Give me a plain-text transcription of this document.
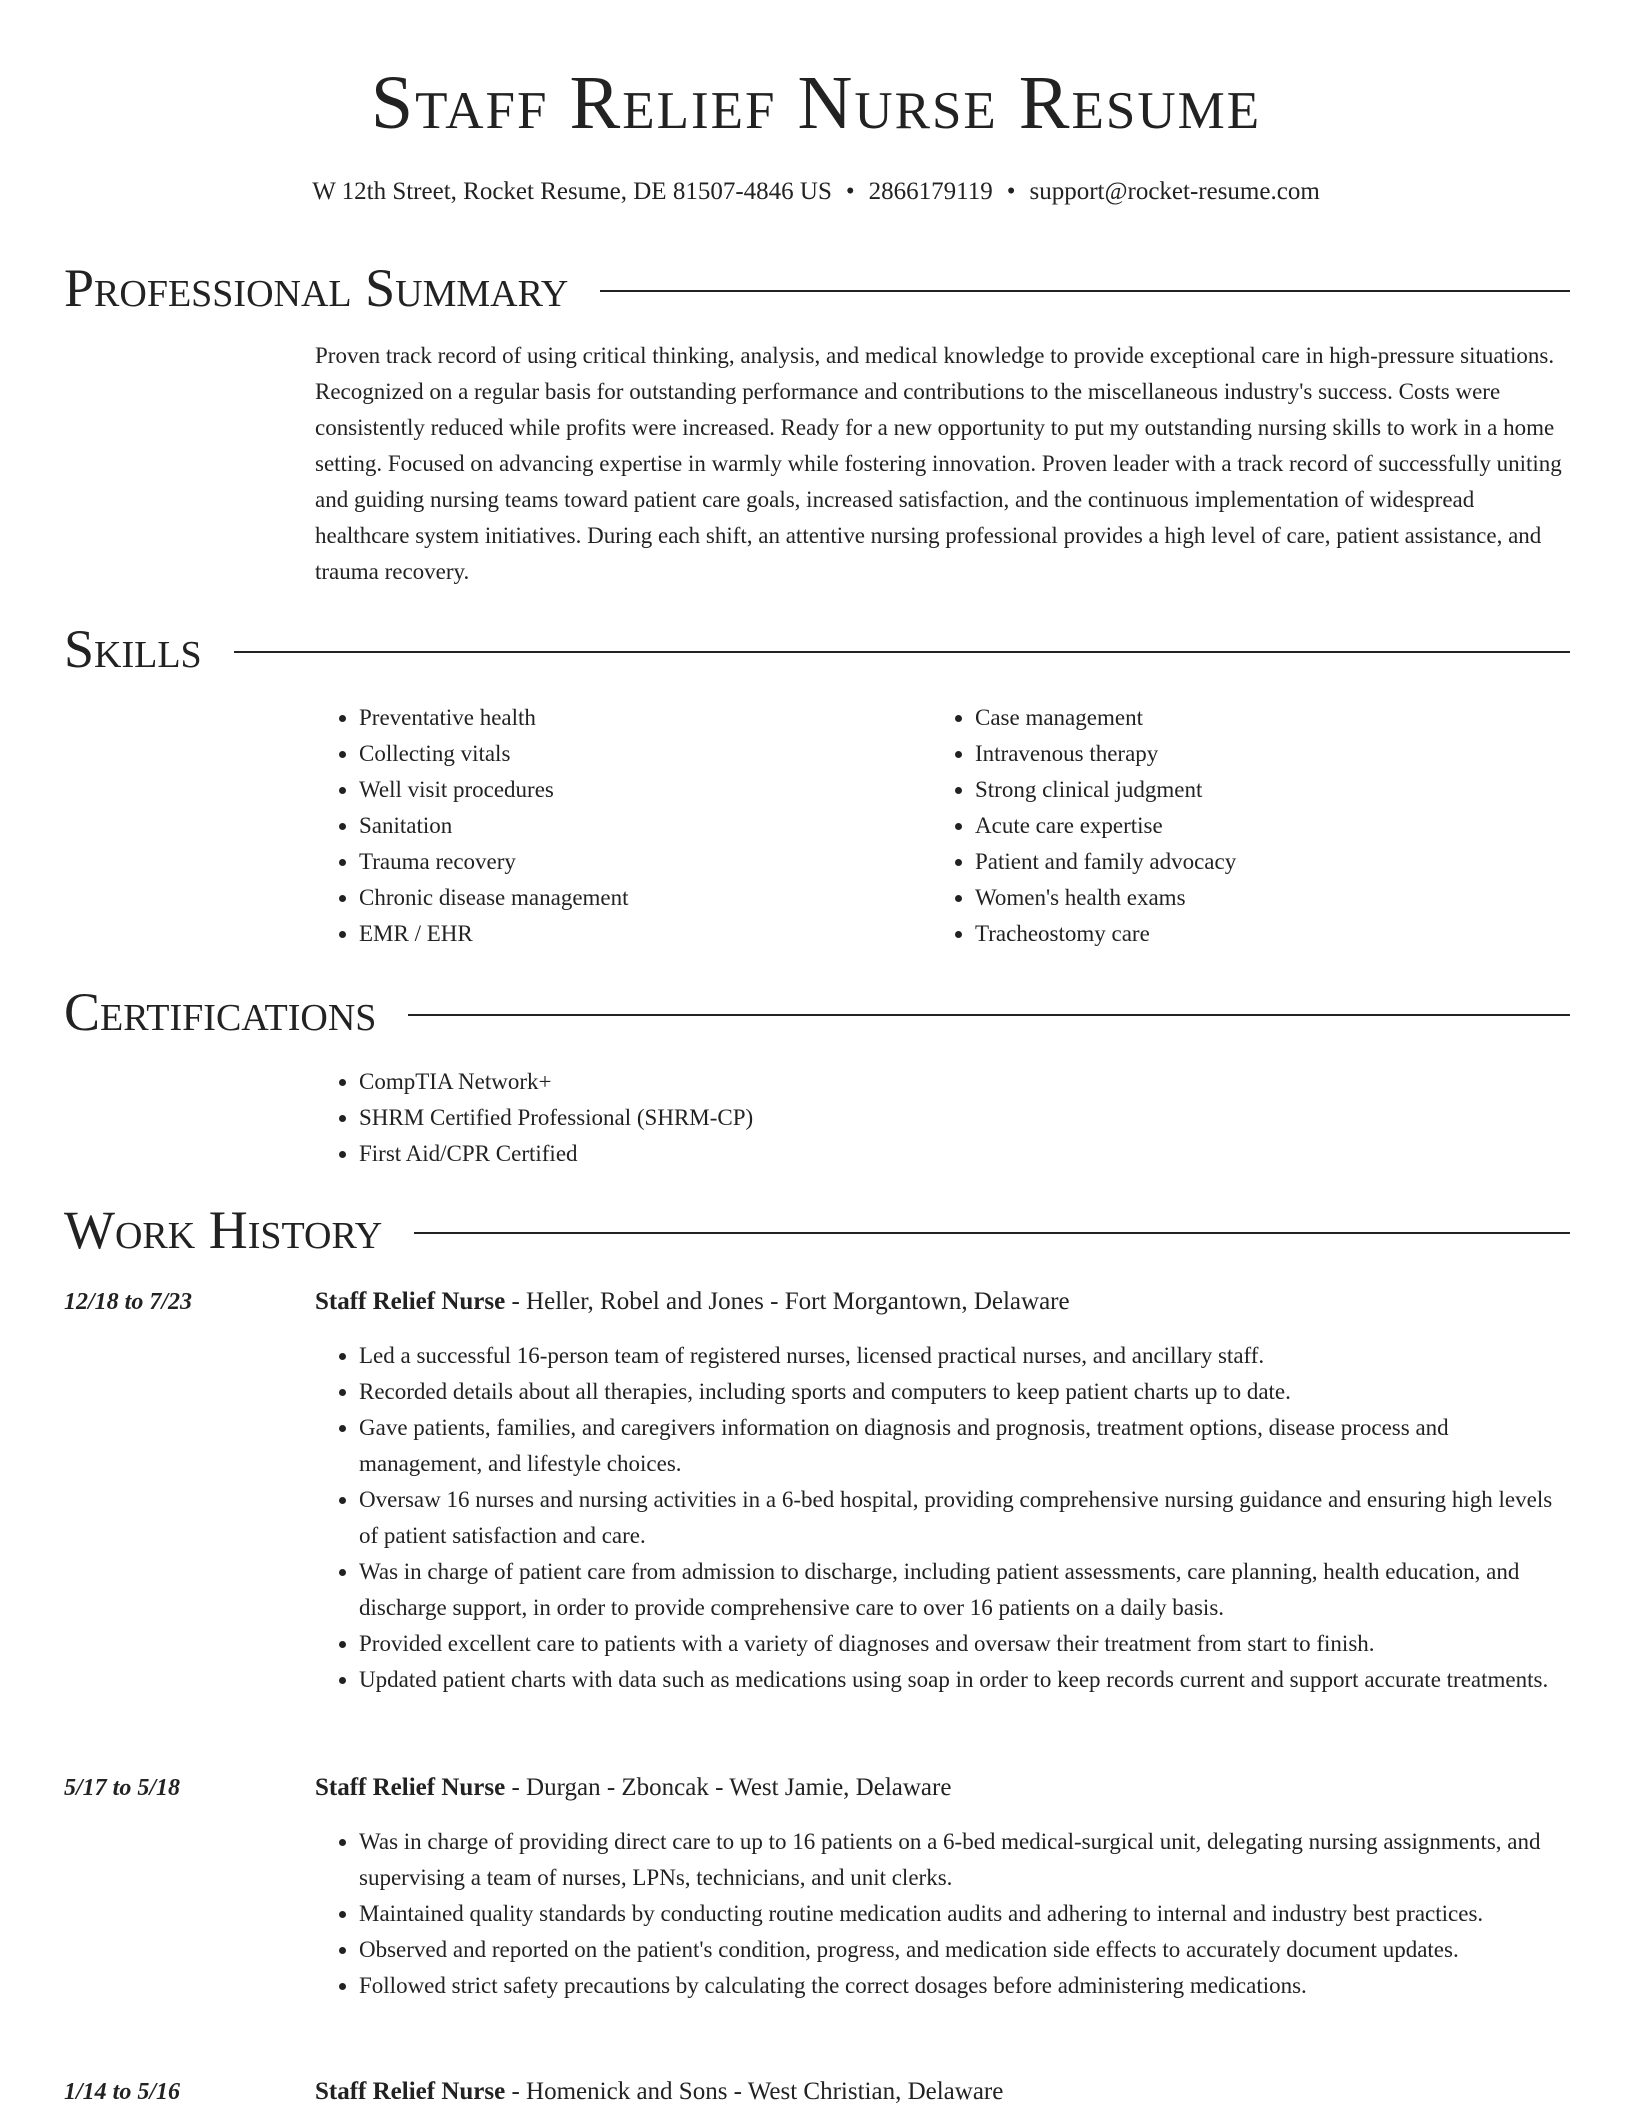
Staff Relief Nurse Resume
W 12th Street, Rocket Resume, DE 81507-4846 US • 2866179119 • support@rocket-resume.com
Professional Summary

Proven track record of using critical thinking, analysis, and medical knowledge to provide exceptional care in high-pressure situations. Recognized on a regular basis for outstanding performance and contributions to the miscellaneous industry's success. Costs were consistently reduced while profits were increased. Ready for a new opportunity to put my outstanding nursing skills to work in a home setting. Focused on advancing expertise in warmly while fostering innovation. Proven leader with a track record of successfully uniting and guiding nursing teams toward patient care goals, increased satisfaction, and the continuous implementation of widespread healthcare system initiatives. During each shift, an attentive nursing professional provides a high level of care, patient assistance, and trauma recovery.

Skills
• Preventative health
• Collecting vitals
• Well visit procedures
• Sanitation
• Trauma recovery
• Chronic disease management
• EMR / EHR
• Case management
• Intravenous therapy
• Strong clinical judgment
• Acute care expertise
• Patient and family advocacy
• Women's health exams
• Tracheostomy care
Certifications
• CompTIA Network+
• SHRM Certified Professional (SHRM-CP)
• First Aid/CPR Certified
Work History
12/18 to 7/23	Staff Relief Nurse - Heller, Robel and Jones - Fort Morgantown, Delaware
• Led a successful 16-person team of registered nurses, licensed practical nurses, and ancillary staff.
• Recorded details about all therapies, including sports and computers to keep patient charts up to date.
• Gave patients, families, and caregivers information on diagnosis and prognosis, treatment options, disease process and management, and lifestyle choices.
• Oversaw 16 nurses and nursing activities in a 6-bed hospital, providing comprehensive nursing guidance and ensuring high levels of patient satisfaction and care.
• Was in charge of patient care from admission to discharge, including patient assessments, care planning, health education, and discharge support, in order to provide comprehensive care to over 16 patients on a daily basis.
• Provided excellent care to patients with a variety of diagnoses and oversaw their treatment from start to finish.
• Updated patient charts with data such as medications using soap in order to keep records current and support accurate treatments.
5/17 to 5/18	Staff Relief Nurse - Durgan - Zboncak - West Jamie, Delaware
• Was in charge of providing direct care to up to 16 patients on a 6-bed medical-surgical unit, delegating nursing assignments, and supervising a team of nurses, LPNs, technicians, and unit clerks.
• Maintained quality standards by conducting routine medication audits and adhering to internal and industry best practices.
• Observed and reported on the patient's condition, progress, and medication side effects to accurately document updates.
• Followed strict safety precautions by calculating the correct dosages before administering medications.
1/14 to 5/16	Staff Relief Nurse - Homenick and Sons - West Christian, Delaware
